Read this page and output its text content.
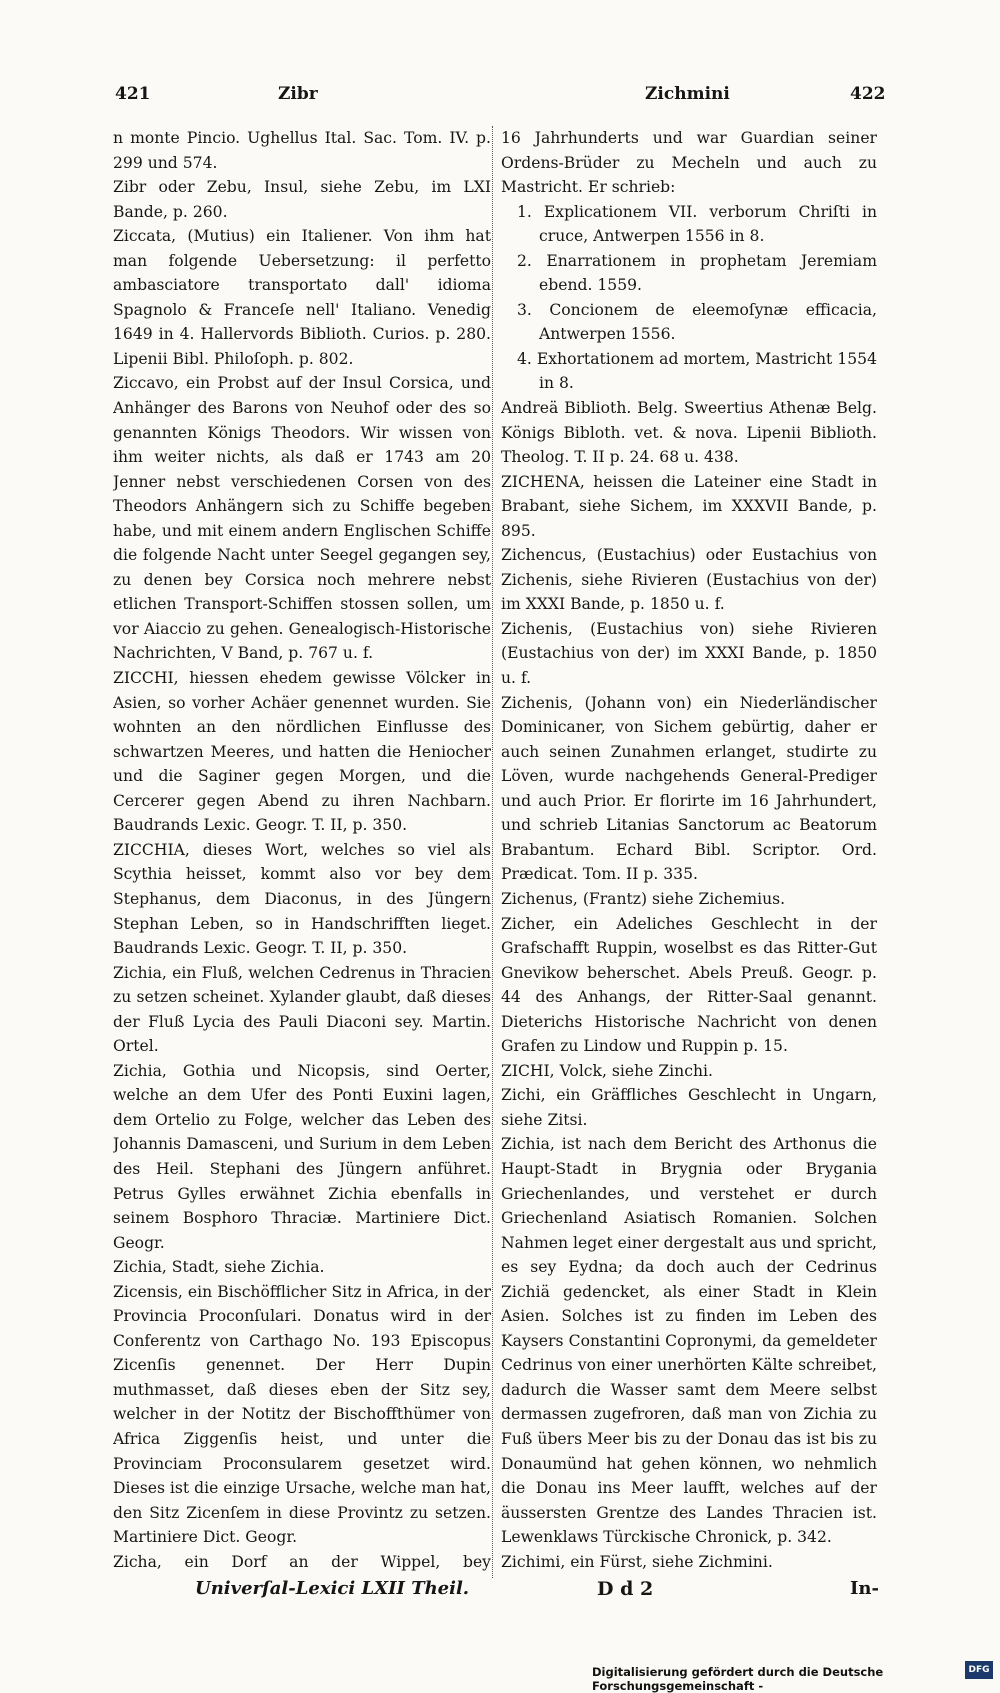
421	Zibr	Zichmini	422

n monte Pincio. Ughellus Ital. Sac. Tom. IV. p. 299 und 574.

Zibr oder Zebu, Insul, siehe Zebu, im LXI Bande, p. 260.

Ziccata, (Mutius) ein Italiener. Von ihm hat man folgende Uebersetzung: il perfetto ambasciatore transportato dall' idioma Spagnolo & Franceſe nell' Italiano. Venedig 1649 in 4. Hallervords Biblioth. Curios. p. 280. Lipenii Bibl. Philoſoph. p. 802.

Ziccavo, ein Probst auf der Insul Corsica, und Anhänger des Barons von Neuhof oder des so genannten Königs Theodors. Wir wissen von ihm weiter nichts, als daß er 1743 am 20 Jenner nebst verschiedenen Corsen von des Theodors Anhängern sich zu Schiffe begeben habe, und mit einem andern Englischen Schiffe die folgende Nacht unter Seegel gegangen sey, zu denen bey Corsica noch mehrere nebst etlichen Transport-Schiffen stossen sollen, um vor Aiaccio zu gehen. Genealogisch-Historische Nachrichten, V Band, p. 767 u. f.

ZICCHI, hiessen ehedem gewisse Völcker in Asien, so vorher Achäer genennet wurden. Sie wohnten an den nördlichen Einflusse des schwartzen Meeres, und hatten die Heniocher und die Saginer gegen Morgen, und die Cercerer gegen Abend zu ihren Nachbarn. Baudrands Lexic. Geogr. T. II, p. 350.

ZICCHIA, dieses Wort, welches so viel als Scythia heisset, kommt also vor bey dem Stephanus, dem Diaconus, in des Jüngern Stephan Leben, so in Handschrifften lieget. Baudrands Lexic. Geogr. T. II, p. 350.

Zichia, ein Fluß, welchen Cedrenus in Thracien zu setzen scheinet. Xylander glaubt, daß dieses der Fluß Lycia des Pauli Diaconi sey. Martin. Ortel.

Zichia, Gothia und Nicopsis, sind Oerter, welche an dem Ufer des Ponti Euxini lagen, dem Ortelio zu Folge, welcher das Leben des Johannis Damasceni, und Surium in dem Leben des Heil. Stephani des Jüngern anführet. Petrus Gylles erwähnet Zichia ebenfalls in seinem Bosphoro Thraciæ. Martiniere Dict. Geogr.

Zichia, Stadt, siehe Zichia.

Zicensis, ein Bischöfflicher Sitz in Africa, in der Provincia Proconſulari. Donatus wird in der Conferentz von Carthago No. 193 Episcopus Zicenſis genennet. Der Herr Dupin muthmasset, daß dieses eben der Sitz sey, welcher in der Notitz der Bischoffthümer von Africa Ziggenſis heist, und unter die Provinciam Proconsularem gesetzet wird. Dieses ist die einzige Ursache, welche man hat, den Sitz Zicenſem in diese Provintz zu setzen. Martiniere Dict. Geogr.

Zicha, ein Dorf an der Wippel, bey

16 Jahrhunderts und war Guardian seiner Ordens-Brüder zu Mecheln und auch zu Mastricht. Er schrieb:

1. Explicationem VII. verborum Chriſti in cruce, Antwerpen 1556 in 8.

2. Enarrationem in prophetam Jeremiam ebend. 1559.

3. Concionem de eleemoſynæ efficacia, Antwerpen 1556.

4. Exhortationem ad mortem, Mastricht 1554 in 8.

Andreä Biblioth. Belg. Sweertius Athenæ Belg. Königs Bibloth. vet. & nova. Lipenii Biblioth. Theolog. T. II p. 24. 68 u. 438.

ZICHENA, heissen die Lateiner eine Stadt in Brabant, siehe Sichem, im XXXVII Bande, p. 895.

Zichencus, (Eustachius) oder Eustachius von Zichenis, siehe Rivieren (Eustachius von der) im XXXI Bande, p. 1850 u. f.

Zichenis, (Eustachius von) siehe Rivieren (Eustachius von der) im XXXI Bande, p. 1850 u. f.

Zichenis, (Johann von) ein Niederländischer Dominicaner, von Sichem gebürtig, daher er auch seinen Zunahmen erlanget, studirte zu Löven, wurde nachgehends General-Prediger und auch Prior. Er florirte im 16 Jahrhundert, und schrieb Litanias Sanctorum ac Beatorum Brabantum. Echard Bibl. Scriptor. Ord. Prædicat. Tom. II p. 335.

Zichenus, (Frantz) siehe Zichemius.

Zicher, ein Adeliches Geschlecht in der Grafschafft Ruppin, woselbst es das Ritter-Gut Gnevikow beherschet. Abels Preuß. Geogr. p. 44 des Anhangs, der Ritter-Saal genannt. Dieterichs Historische Nachricht von denen Grafen zu Lindow und Ruppin p. 15.

ZICHI, Volck, siehe Zinchi.

Zichi, ein Gräffliches Geschlecht in Ungarn, siehe Zitsi.

Zichia, ist nach dem Bericht des Arthonus die Haupt-Stadt in Brygnia oder Brygania Griechenlandes, und verstehet er durch Griechenland Asiatisch Romanien. Solchen Nahmen leget einer dergestalt aus und spricht, es sey Eydna; da doch auch der Cedrinus Zichiä gedencket, als einer Stadt in Klein Asien. Solches ist zu finden im Leben des Kaysers Constantini Copronymi, da gemeldeter Cedrinus von einer unerhörten Kälte schreibet, dadurch die Wasser samt dem Meere selbst dermassen zugefroren, daß man von Zichia zu Fuß übers Meer bis zu der Donau das ist bis zu Donaumünd hat gehen können, wo nehmlich die Donau ins Meer laufft, welches auf der äussersten Grentze des Landes Thracien ist. Lewenklaws Türckische Chronick, p. 342.

Zichimi, ein Fürst, siehe Zichmini.

Univerſal-Lexici LXII Theil.	D d 2	In-
Digitalisierung gefördert durch die Deutsche Forschungsgemeinschaft -
DFG
